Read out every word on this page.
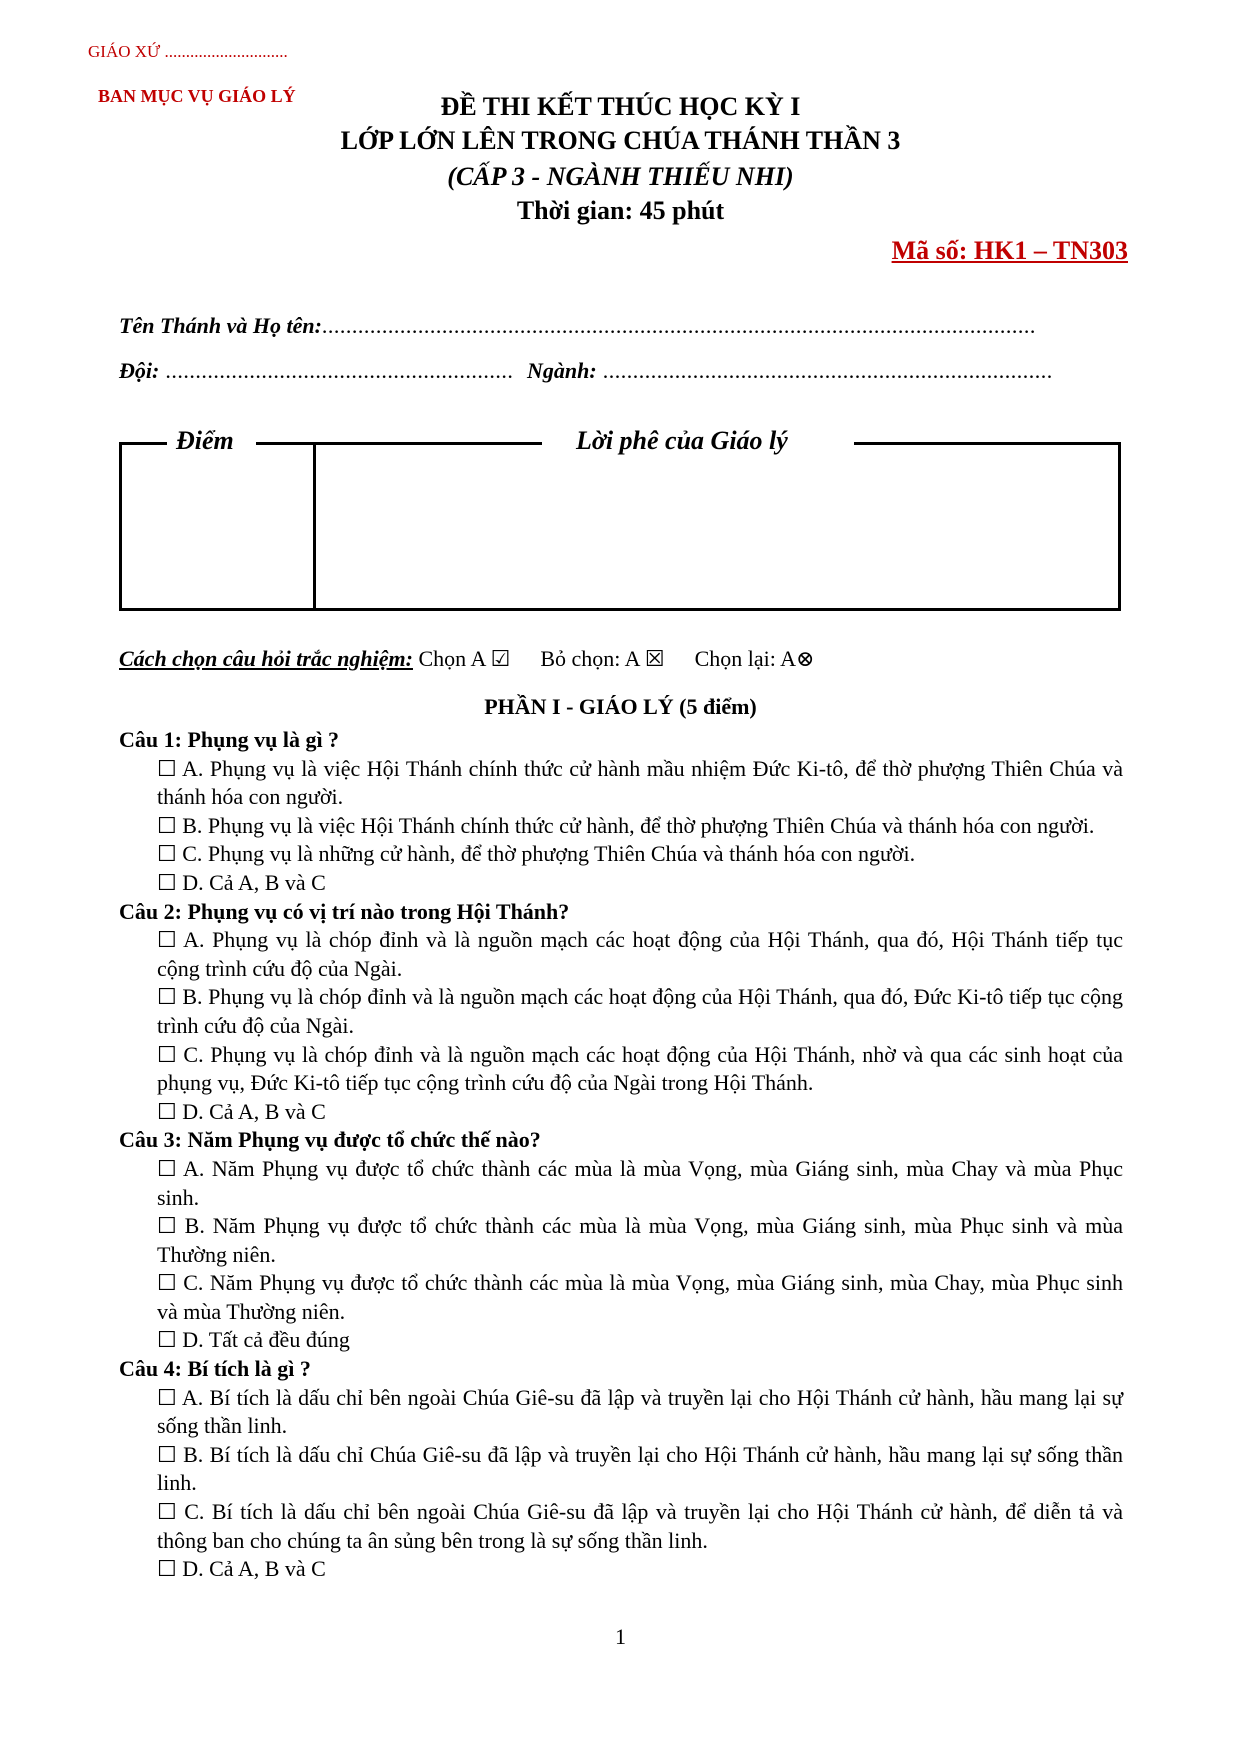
GIÁO XỨ .............................
BAN MỤC VỤ GIÁO LÝ	ĐỀ THI KẾT THÚC HỌC KỲ I
LỚP LỚN LÊN TRONG CHÚA THÁNH THẦN 3
(CẤP 3 - NGÀNH THIẾU NHI)
Thời gian: 45 phút
Mã số: HK1 – TN303
Tên Thánh và Họ tên:.......................................................................................................................
Đội: .......................................................... Ngành: ...........................................................................
Điểm	Lời phê của Giáo lý
Cách chọn câu hỏi trắc nghiệm: Chọn A ☑ Bỏ chọn: A ☒ Chọn lại: A⊗
PHẦN I - GIÁO LÝ (5 điểm)
Câu 1: Phụng vụ là gì ?
☐ A. Phụng vụ là việc Hội Thánh chính thức cử hành mầu nhiệm Đức Ki-tô, để thờ phượng Thiên Chúa và thánh hóa con người.
☐ B. Phụng vụ là việc Hội Thánh chính thức cử hành, để thờ phượng Thiên Chúa và thánh hóa con người.
☐ C. Phụng vụ là những cử hành, để thờ phượng Thiên Chúa và thánh hóa con người.
☐ D. Cả A, B và C
Câu 2: Phụng vụ có vị trí nào trong Hội Thánh?
☐ A. Phụng vụ là chóp đỉnh và là nguồn mạch các hoạt động của Hội Thánh, qua đó, Hội Thánh tiếp tục cộng trình cứu độ của Ngài.
☐ B. Phụng vụ là chóp đỉnh và là nguồn mạch các hoạt động của Hội Thánh, qua đó, Đức Ki-tô tiếp tục cộng trình cứu độ của Ngài.
☐ C. Phụng vụ là chóp đỉnh và là nguồn mạch các hoạt động của Hội Thánh, nhờ và qua các sinh hoạt của phụng vụ, Đức Ki-tô tiếp tục cộng trình cứu độ của Ngài trong Hội Thánh.
☐ D. Cả A, B và C
Câu 3: Năm Phụng vụ được tổ chức thế nào?
☐ A. Năm Phụng vụ được tổ chức thành các mùa là mùa Vọng, mùa Giáng sinh, mùa Chay và mùa Phục sinh.
☐ B. Năm Phụng vụ được tổ chức thành các mùa là mùa Vọng, mùa Giáng sinh, mùa Phục sinh và mùa Thường niên.
☐ C. Năm Phụng vụ được tổ chức thành các mùa là mùa Vọng, mùa Giáng sinh, mùa Chay, mùa Phục sinh và mùa Thường niên.
☐ D. Tất cả đều đúng
Câu 4: Bí tích là gì ?
☐ A. Bí tích là dấu chỉ bên ngoài Chúa Giê-su đã lập và truyền lại cho Hội Thánh cử hành, hầu mang lại sự sống thần linh.
☐ B. Bí tích là dấu chỉ Chúa Giê-su đã lập và truyền lại cho Hội Thánh cử hành, hầu mang lại sự sống thần linh.
☐ C. Bí tích là dấu chỉ bên ngoài Chúa Giê-su đã lập và truyền lại cho Hội Thánh cử hành, để diễn tả và thông ban cho chúng ta ân sủng bên trong là sự sống thần linh.
☐ D. Cả A, B và C
1
